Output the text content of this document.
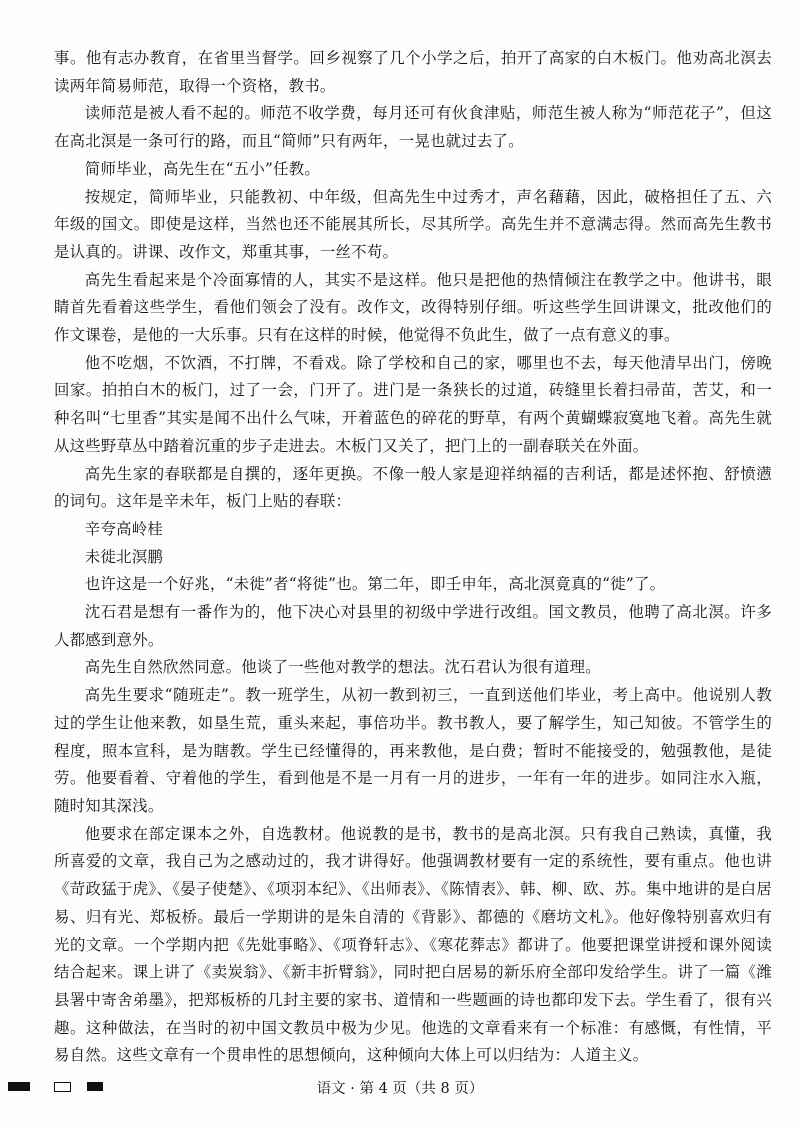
事。他有志办教育，在省里当督学。回乡视察了几个小学之后，拍开了高家的白木板门。他劝高北溟去读两年简易师范，取得一个资格，教书。

读师范是被人看不起的。师范不收学费，每月还可有伙食津贴，师范生被人称为“师范花子”，但这在高北溟是一条可行的路，而且“简师”只有两年，一晃也就过去了。

简师毕业，高先生在“五小”任教。

按规定，简师毕业，只能教初、中年级，但高先生中过秀才，声名藉藉，因此，破格担任了五、六年级的国文。即使是这样，当然也还不能展其所长，尽其所学。高先生并不意满志得。然而高先生教书是认真的。讲课、改作文，郑重其事，一丝不苟。

高先生看起来是个冷面寡情的人，其实不是这样。他只是把他的热情倾注在教学之中。他讲书，眼睛首先看着这些学生，看他们领会了没有。改作文，改得特别仔细。听这些学生回讲课文，批改他们的作文课卷，是他的一大乐事。只有在这样的时候，他觉得不负此生，做了一点有意义的事。

他不吃烟，不饮酒，不打牌，不看戏。除了学校和自己的家，哪里也不去，每天他清早出门，傍晚回家。拍拍白木的板门，过了一会，门开了。进门是一条狭长的过道，砖缝里长着扫帚苗，苦艾，和一种名叫“七里香”其实是闻不出什么气味，开着蓝色的碎花的野草，有两个黄蝴蝶寂寞地飞着。高先生就从这些野草丛中踏着沉重的步子走进去。木板门又关了，把门上的一副春联关在外面。

高先生家的春联都是自撰的，逐年更换。不像一般人家是迎祥纳福的吉利话，都是述怀抱、舒愤懑的词句。这年是辛未年，板门上贴的春联：

辛夸高岭桂

未徙北溟鹏

也许这是一个好兆，“未徙”者“将徙”也。第二年，即壬申年，高北溟竟真的“徙”了。

沈石君是想有一番作为的，他下决心对县里的初级中学进行改组。国文教员，他聘了高北溟。许多人都感到意外。

高先生自然欣然同意。他谈了一些他对教学的想法。沈石君认为很有道理。

高先生要求“随班走”。教一班学生，从初一教到初三，一直到送他们毕业，考上高中。他说别人教过的学生让他来教，如垦生荒，重头来起，事倍功半。教书教人，要了解学生，知己知彼。不管学生的程度，照本宣科，是为瞎教。学生已经懂得的，再来教他，是白费；暂时不能接受的，勉强教他，是徒劳。他要看着、守着他的学生，看到他是不是一月有一月的进步，一年有一年的进步。如同注水入瓶，随时知其深浅。

他要求在部定课本之外，自选教材。他说教的是书，教书的是高北溟。只有我自己熟读，真懂，我所喜爱的文章，我自己为之感动过的，我才讲得好。他强调教材要有一定的系统性，要有重点。他也讲《苛政猛于虎》、《晏子使楚》、《项羽本纪》、《出师表》、《陈情表》、韩、柳、欧、苏。集中地讲的是白居易、归有光、郑板桥。最后一学期讲的是朱自清的《背影》、都德的《磨坊文札》。他好像特别喜欢归有光的文章。一个学期内把《先妣事略》、《项脊轩志》、《寒花葬志》都讲了。他要把课堂讲授和课外阅读结合起来。课上讲了《卖炭翁》、《新丰折臂翁》，同时把白居易的新乐府全部印发给学生。讲了一篇《潍县署中寄舍弟墨》，把郑板桥的几封主要的家书、道情和一些题画的诗也都印发下去。学生看了，很有兴趣。这种做法，在当时的初中国文教员中极为少见。他选的文章看来有一个标准：有感慨，有性情，平易自然。这些文章有一个贯串性的思想倾向，这种倾向大体上可以归结为：人道主义。

语文 · 第 4 页（共 8 页）
